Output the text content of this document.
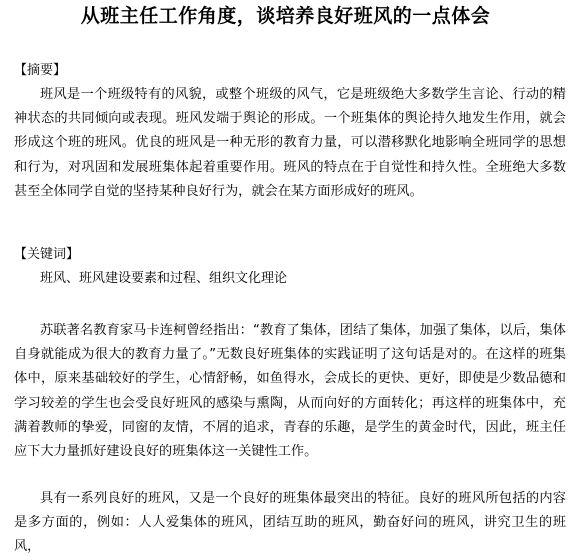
从班主任工作角度，谈培养良好班风的一点体会
【摘要】

班风是一个班级特有的风貌，或整个班级的风气，它是班级绝大多数学生言论、行动的精神状态的共同倾向或表现。班风发端于舆论的形成。一个班集体的舆论持久地发生作用，就会形成这个班的班风。优良的班风是一种无形的教育力量，可以潜移默化地影响全班同学的思想和行为，对巩固和发展班集体起着重要作用。班风的特点在于自觉性和持久性。全班绝大多数甚至全体同学自觉的坚持某种良好行为，就会在某方面形成好的班风。

【关键词】
班风、班风建设要素和过程、组织文化理论

苏联著名教育家马卡连柯曾经指出：“教育了集体，团结了集体，加强了集体，以后，集体自身就能成为很大的教育力量了。”无数良好班集体的实践证明了这句话是对的。在这样的班集体中，原来基础较好的学生，心情舒畅，如鱼得水，会成长的更快、更好，即使是少数品德和学习较差的学生也会受良好班风的感染与熏陶，从而向好的方面转化；再这样的班集体中，充满着教师的挚爱，同窗的友情，不屑的追求，青春的乐趣，是学生的黄金时代，因此，班主任应下大力量抓好建设良好的班集体这一关键性工作。

具有一系列良好的班风，又是一个良好的班集体最突出的特征。良好的班风所包括的内容是多方面的，例如：人人爱集体的班风，团结互助的班风，勤奋好问的班风，讲究卫生的班风，
